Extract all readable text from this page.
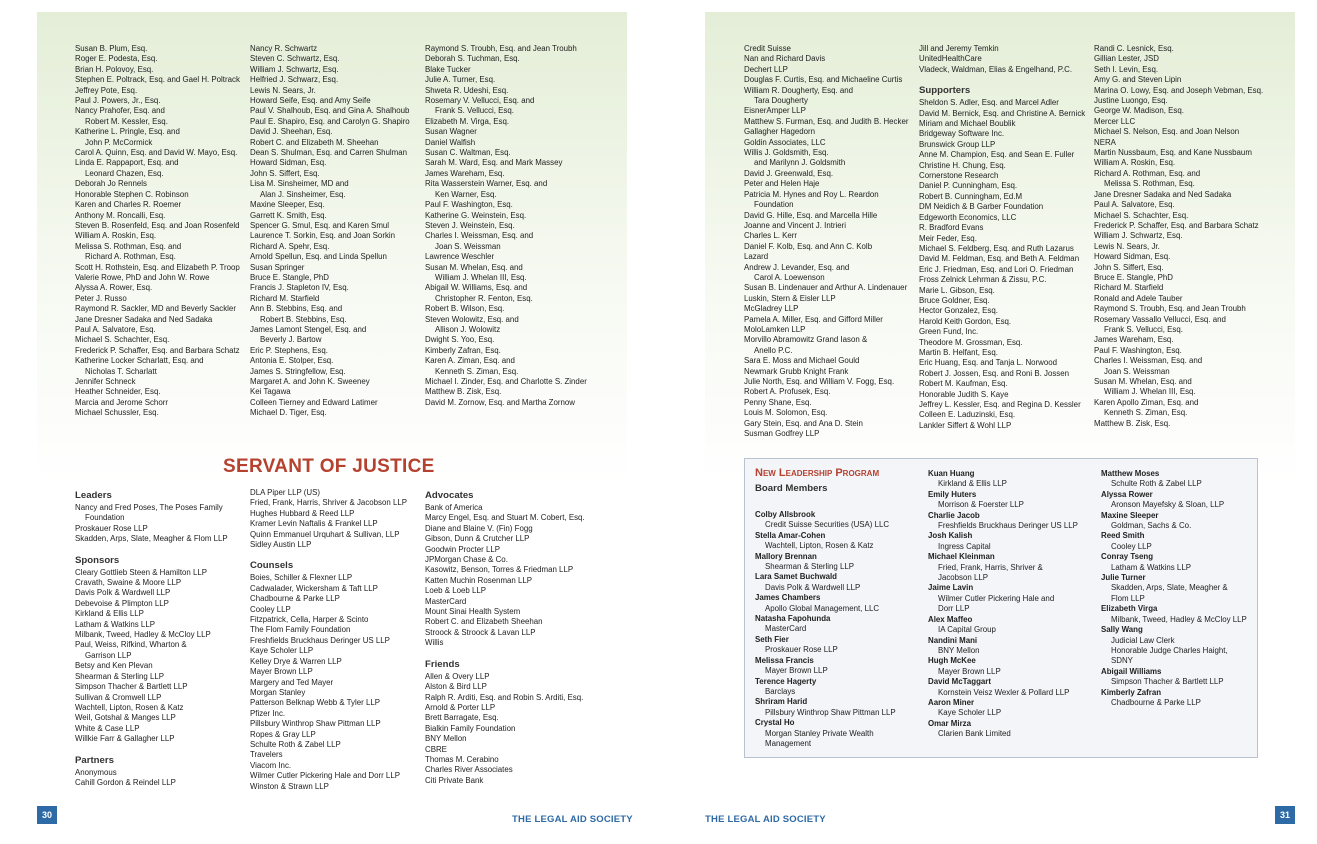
Susan B. Plum, Esq.
Roger E. Podesta, Esq.
Brian H. Polovoy, Esq.
Stephen E. Poltrack, Esq. and Gael H. Poltrack
Jeffrey Pote, Esq.
Paul J. Powers, Jr., Esq.
Nancy Prahofer, Esq. and
Robert M. Kessler, Esq.
Katherine L. Pringle, Esq. and
John P. McCormick
Carol A. Quinn, Esq. and David W. Mayo, Esq.
Linda E. Rappaport, Esq. and
Leonard Chazen, Esq.
Deborah Jo Rennels
Honorable Stephen C. Robinson
Karen and Charles R. Roemer
Anthony M. Roncalli, Esq.
Steven B. Rosenfeld, Esq. and Joan Rosenfeld
William A. Roskin, Esq.
Melissa S. Rothman, Esq. and
Richard A. Rothman, Esq.
Scott H. Rothstein, Esq. and Elizabeth P. Troop
Valerie Rowe, PhD and John W. Rowe
Alyssa A. Rower, Esq.
Peter J. Russo
Raymond R. Sackler, MD and Beverly Sackler
Jane Dresner Sadaka and Ned Sadaka
Paul A. Salvatore, Esq.
Michael S. Schachter, Esq.
Frederick P. Schaffer, Esq. and Barbara Schatz
Katherine Locker Scharlatt, Esq. and
Nicholas T. Scharlatt
Jennifer Schneck
Heather Schneider, Esq.
Marcia and Jerome Schorr
Michael Schussler, Esq.
Nancy R. Schwartz
Steven C. Schwartz, Esq.
William J. Schwartz, Esq.
Helfried J. Schwarz, Esq.
Lewis N. Sears, Jr.
Howard Seife, Esq. and Amy Seife
Paul V. Shalhoub, Esq. and Gina A. Shalhoub
Paul E. Shapiro, Esq. and Carolyn G. Shapiro
David J. Sheehan, Esq.
Robert C. and Elizabeth M. Sheehan
Dean S. Shulman, Esq. and Carren Shulman
Howard Sidman, Esq.
John S. Siffert, Esq.
Lisa M. Sinsheimer, MD and
Alan J. Sinsheimer, Esq.
Maxine Sleeper, Esq.
Garrett K. Smith, Esq.
Spencer G. Smul, Esq. and Karen Smul
Laurence T. Sorkin, Esq. and Joan Sorkin
Richard A. Spehr, Esq.
Arnold Spellun, Esq. and Linda Spellun
Susan Springer
Bruce E. Stangle, PhD
Francis J. Stapleton IV, Esq.
Richard M. Starfield
Ann B. Stebbins, Esq. and
Robert B. Stebbins, Esq.
James Lamont Stengel, Esq. and
Beverly J. Bartow
Eric P. Stephens, Esq.
Antonia E. Stolper, Esq.
James S. Stringfellow, Esq.
Margaret A. and John K. Sweeney
Kei Tagawa
Colleen Tierney and Edward Latimer
Michael D. Tiger, Esq.
Raymond S. Troubh, Esq. and Jean Troubh
Deborah S. Tuchman, Esq.
Blake Tucker
Julie A. Turner, Esq.
Shweta R. Udeshi, Esq.
Rosemary V. Vellucci, Esq. and
Frank S. Vellucci, Esq.
Elizabeth M. Virga, Esq.
Susan Wagner
Daniel Walfish
Susan C. Waltman, Esq.
Sarah M. Ward, Esq. and Mark Massey
James Wareham, Esq.
Rita Wasserstein Warner, Esq. and
Ken Warner, Esq.
Paul F. Washington, Esq.
Katherine G. Weinstein, Esq.
Steven J. Weinstein, Esq.
Charles I. Weissman, Esq. and
Joan S. Weissman
Lawrence Weschler
Susan M. Whelan, Esq. and
William J. Whelan III, Esq.
Abigail W. Williams, Esq. and
Christopher R. Fenton, Esq.
Robert B. Wilson, Esq.
Steven Wolowitz, Esq. and
Allison J. Wolowitz
Dwight S. Yoo, Esq.
Kimberly Zafran, Esq.
Karen A. Ziman, Esq. and
Kenneth S. Ziman, Esq.
Michael I. Zinder, Esq. and Charlotte S. Zinder
Matthew B. Zisk, Esq.
David M. Zornow, Esq. and Martha Zornow
SERVANT OF JUSTICE
Leaders
Nancy and Fred Poses, The Poses Family
Foundation
Proskauer Rose LLP
Skadden, Arps, Slate, Meagher & Flom LLP
Sponsors
Cleary Gottlieb Steen & Hamilton LLP
Cravath, Swaine & Moore LLP
Davis Polk & Wardwell LLP
Debevoise & Plimpton LLP
Kirkland & Ellis LLP
Latham & Watkins LLP
Milbank, Tweed, Hadley & McCloy LLP
Paul, Weiss, Rifkind, Wharton &
Garrison LLP
Betsy and Ken Plevan
Shearman & Sterling LLP
Simpson Thacher & Bartlett LLP
Sullivan & Cromwell LLP
Wachtell, Lipton, Rosen & Katz
Weil, Gotshal & Manges LLP
White & Case LLP
Willkie Farr & Gallagher LLP
Partners
Anonymous
Cahill Gordon & Reindel LLP
DLA Piper LLP (US)
Fried, Frank, Harris, Shriver & Jacobson LLP
Hughes Hubbard & Reed LLP
Kramer Levin Naftalis & Frankel LLP
Quinn Emmanuel Urquhart & Sullivan, LLP
Sidley Austin LLP
Counsels
Boies, Schiller & Flexner LLP
Cadwalader, Wickersham & Taft LLP
Chadbourne & Parke LLP
Cooley LLP
Fitzpatrick, Cella, Harper & Scinto
The Flom Family Foundation
Freshfields Bruckhaus Deringer US LLP
Kaye Scholer LLP
Kelley Drye & Warren LLP
Mayer Brown LLP
Margery and Ted Mayer
Morgan Stanley
Patterson Belknap Webb & Tyler LLP
Pfizer Inc.
Pillsbury Winthrop Shaw Pittman LLP
Ropes & Gray LLP
Schulte Roth & Zabel LLP
Travelers
Viacom Inc.
Wilmer Cutler Pickering Hale and Dorr LLP
Winston & Strawn LLP
Advocates
Bank of America
Marcy Engel, Esq. and Stuart M. Cobert, Esq.
Diane and Blaine V. (Fin) Fogg
Gibson, Dunn & Crutcher LLP
Goodwin Procter LLP
JPMorgan Chase & Co.
Kasowitz, Benson, Torres & Friedman LLP
Katten Muchin Rosenman LLP
Loeb & Loeb LLP
MasterCard
Mount Sinai Health System
Robert C. and Elizabeth Sheehan
Stroock & Stroock & Lavan LLP
Willis
Friends
Allen & Overy LLP
Alston & Bird LLP
Ralph R. Arditi, Esq. and Robin S. Arditi, Esq.
Arnold & Porter LLP
Brett Barragate, Esq.
Bialkin Family Foundation
BNY Mellon
CBRE
Thomas M. Cerabino
Charles River Associates
Citi Private Bank
Credit Suisse
Nan and Richard Davis
Dechert LLP
Douglas F. Curtis, Esq. and Michaeline Curtis
William R. Dougherty, Esq. and
Tara Dougherty
EisnerAmper LLP
Matthew S. Furman, Esq. and Judith B. Hecker
Gallagher Hagedorn
Goldin Associates, LLC
Willis J. Goldsmith, Esq.
and Marilynn J. Goldsmith
David J. Greenwald, Esq.
Peter and Helen Haje
Patricia M. Hynes and Roy L. Reardon
Foundation
David G. Hille, Esq. and Marcella Hille
Joanne and Vincent J. Intrieri
Charles L. Kerr
Daniel F. Kolb, Esq. and Ann C. Kolb
Lazard
Andrew J. Levander, Esq. and
Carol A. Loewenson
Susan B. Lindenauer and Arthur A. Lindenauer
Luskin, Stern & Eisler LLP
McGladrey LLP
Pamela A. Miller, Esq. and Gifford Miller
MoloLamken LLP
Morvillo Abramowitz Grand Iason &
Anello P.C.
Sara E. Moss and Michael Gould
Newmark Grubb Knight Frank
Julie North, Esq. and William V. Fogg, Esq.
Robert A. Profusek, Esq.
Penny Shane, Esq.
Louis M. Solomon, Esq.
Gary Stein, Esq. and Ana D. Stein
Susman Godfrey LLP
Jill and Jeremy Temkin
UnitedHealthCare
Vladeck, Waldman, Elias & Engelhand, P.C.
Supporters
Sheldon S. Adler, Esq. and Marcel Adler
David M. Bernick, Esq. and Christine A. Bernick
Miriam and Michael Boublik
Bridgeway Software Inc.
Brunswick Group LLP
Anne M. Champion, Esq. and Sean E. Fuller
Christine H. Chung, Esq.
Cornerstone Research
Daniel P. Cunningham, Esq.
Robert B. Cunningham, Ed.M
DM Neidich & B Garber Foundation
Edgeworth Economics, LLC
R. Bradford Evans
Meir Feder, Esq.
Michael S. Feldberg, Esq. and Ruth Lazarus
David M. Feldman, Esq. and Beth A. Feldman
Eric J. Friedman, Esq. and Lori O. Friedman
Fross Zelnick Lehrman & Zissu, P.C.
Marie L. Gibson, Esq.
Bruce Goldner, Esq.
Hector Gonzalez, Esq.
Harold Keith Gordon, Esq.
Green Fund, Inc.
Theodore M. Grossman, Esq.
Martin B. Helfant, Esq.
Eric Huang, Esq. and Tanja L. Norwood
Robert J. Jossen, Esq. and Roni B. Jossen
Robert M. Kaufman, Esq.
Honorable Judith S. Kaye
Jeffrey L. Kessler, Esq. and Regina D. Kessler
Colleen E. Laduzinski, Esq.
Lankler Siffert & Wohl LLP
Randi C. Lesnick, Esq.
Gillian Lester, JSD
Seth I. Levin, Esq.
Amy G. and Steven Lipin
Marina O. Lowy, Esq. and Joseph Vebman, Esq.
Justine Luongo, Esq.
George W. Madison, Esq.
Mercer LLC
Michael S. Nelson, Esq. and Joan Nelson
NERA
Martin Nussbaum, Esq. and Kane Nussbaum
William A. Roskin, Esq.
Richard A. Rothman, Esq. and
Melissa S. Rothman, Esq.
Jane Dresner Sadaka and Ned Sadaka
Paul A. Salvatore, Esq.
Michael S. Schachter, Esq.
Frederick P. Schaffer, Esq. and Barbara Schatz
William J. Schwartz, Esq.
Lewis N. Sears, Jr.
Howard Sidman, Esq.
John S. Siffert, Esq.
Bruce E. Stangle, PhD
Richard M. Starfield
Ronald and Adele Tauber
Raymond S. Troubh, Esq. and Jean Troubh
Rosemary Vassallo Vellucci, Esq. and
Frank S. Vellucci, Esq.
James Wareham, Esq.
Paul F. Washington, Esq.
Charles I. Weissman, Esq. and
Joan S. Weissman
Susan M. Whelan, Esq. and
William J. Whelan III, Esq.
Karen Apollo Ziman, Esq. and
Kenneth S. Ziman, Esq.
Matthew B. Zisk, Esq.
New Leadership Program
Board Members
Colby Allsbrook
Credit Suisse Securities (USA) LLC
Stella Amar-Cohen
Wachtell, Lipton, Rosen & Katz
Mallory Brennan
Shearman & Sterling LLP
Lara Samet Buchwald
Davis Polk & Wardwell LLP
James Chambers
Apollo Global Management, LLC
Natasha Fapohunda
MasterCard
Seth Fier
Proskauer Rose LLP
Melissa Francis
Mayer Brown LLP
Terence Hagerty
Barclays
Shriram Harid
Pillsbury Winthrop Shaw Pittman LLP
Crystal Ho
Morgan Stanley Private Wealth
Management
Kuan Huang
Kirkland & Ellis LLP
Emily Huters
Morrison & Foerster LLP
Charlie Jacob
Freshfields Bruckhaus Deringer US LLP
Josh Kalish
Ingress Capital
Michael Kleinman
Fried, Frank, Harris, Shriver &
Jacobson LLP
Jaime Lavin
Wilmer Cutler Pickering Hale and
Dorr LLP
Alex Maffeo
IA Capital Group
Nandini Mani
BNY Mellon
Hugh McKee
Mayer Brown LLP
David McTaggart
Kornstein Veisz Wexler & Pollard LLP
Aaron Miner
Kaye Scholer LLP
Omar Mirza
Clarien Bank Limited
Matthew Moses
Schulte Roth & Zabel LLP
Alyssa Rower
Aronson Mayefsky & Sloan, LLP
Maxine Sleeper
Goldman, Sachs & Co.
Reed Smith
Cooley LLP
Conray Tseng
Latham & Watkins LLP
Julie Turner
Skadden, Arps, Slate, Meagher &
Flom LLP
Elizabeth Virga
Milbank, Tweed, Hadley & McCloy LLP
Sally Wang
Judicial Law Clerk
Honorable Judge Charles Haight,
SDNY
Abigail Williams
Simpson Thacher & Bartlett LLP
Kimberly Zafran
Chadbourne & Parke LLP
30	THE LEGAL AID SOCIETY	THE LEGAL AID SOCIETY	31
